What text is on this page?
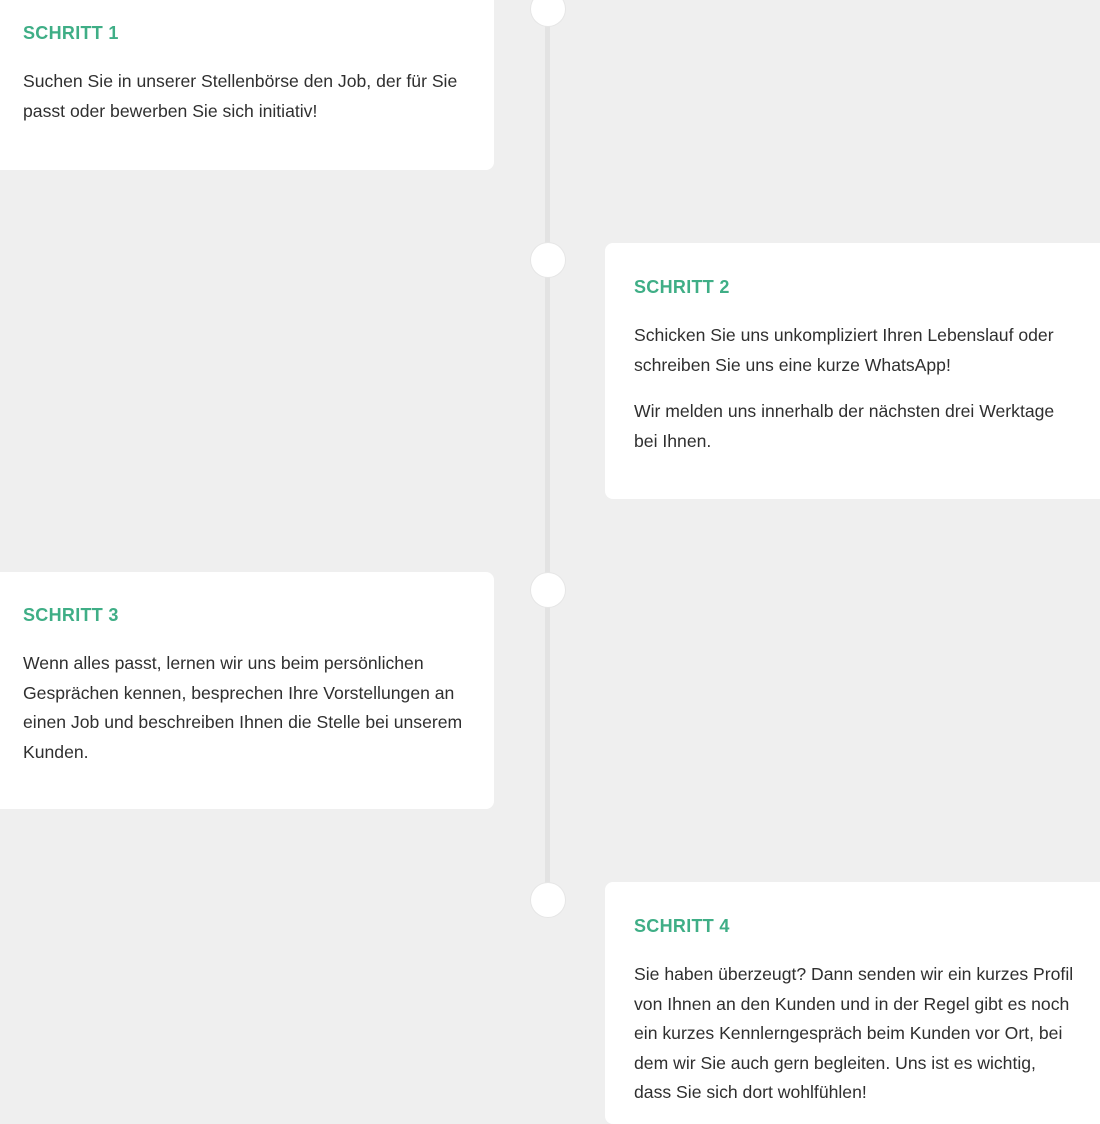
SCHRITT 1

Suchen Sie in unserer Stellenbörse den Job, der für Sie passt oder bewerben Sie sich initiativ!

SCHRITT 2

Schicken Sie uns unkompliziert Ihren Lebenslauf oder schreiben Sie uns eine kurze WhatsApp!

Wir melden uns innerhalb der nächsten drei Werktage bei Ihnen.

SCHRITT 3

Wenn alles passt, lernen wir uns beim persönlichen Gesprächen kennen, besprechen Ihre Vorstellungen an einen Job und beschreiben Ihnen die Stelle bei unserem Kunden.

SCHRITT 4

Sie haben überzeugt? Dann senden wir ein kurzes Profil von Ihnen an den Kunden und in der Regel gibt es noch ein kurzes Kennlerngespräch beim Kunden vor Ort, bei dem wir Sie auch gern begleiten. Uns ist es wichtig, dass Sie sich dort wohlfühlen!
